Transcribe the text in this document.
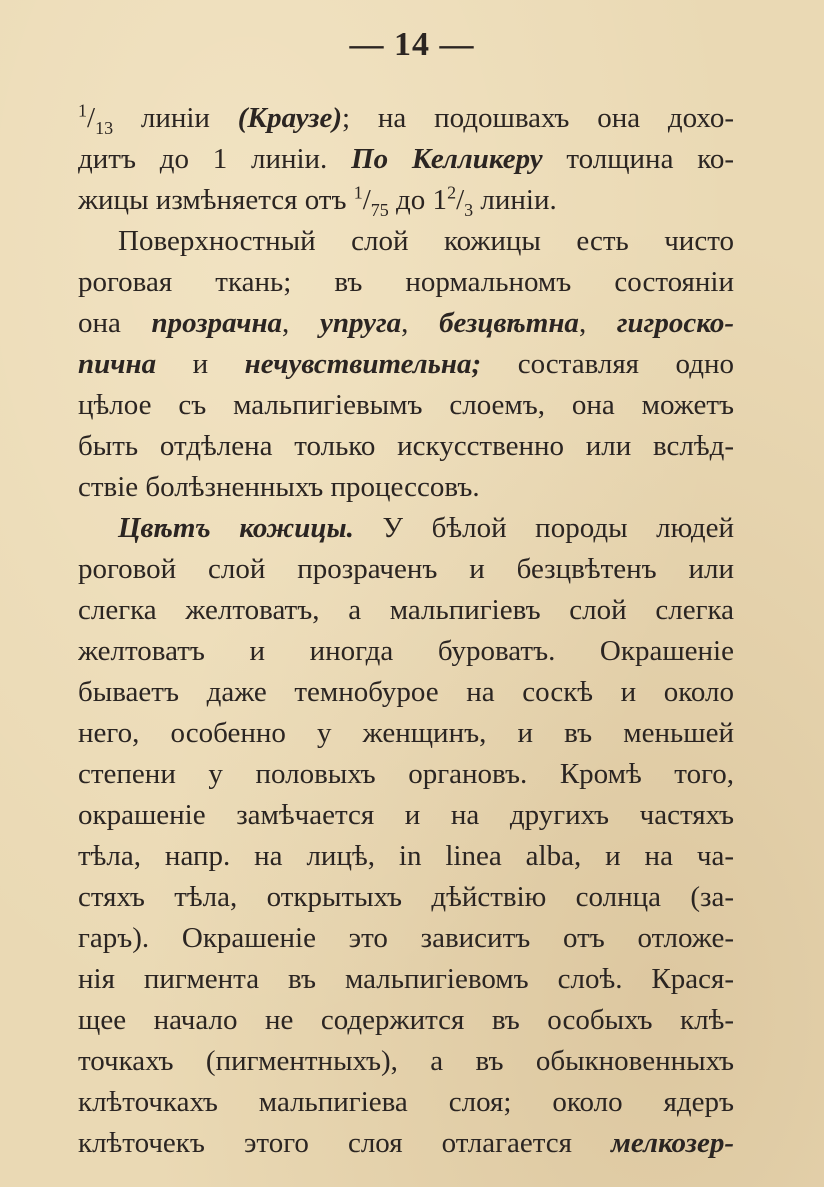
— 14 —
$^1/_{13}$ линіи (Краузе); на подошвахъ она дохо-
дитъ до 1 линіи. По Келликеру толщина ко-
жицы измѣняется отъ $^1/_{75}$ до $1^2/_3$ линіи.
Поверхностный слой кожицы есть чисто
роговая ткань; въ нормальномъ состояніи
она прозрачна, упруга, безцвѣтна, гигроско-
пична и нечувствительна; составляя одно
цѣлое съ мальпигіевымъ слоемъ, она можетъ
быть отдѣлена только искусственно или вслѣд-
ствіе болѣзненныхъ процессовъ.
Цвѣтъ кожицы. У бѣлой породы людей
роговой слой прозраченъ и безцвѣтенъ или
слегка желтоватъ, а мальпигіевъ слой слегка
желтоватъ и иногда буроватъ. Окрашеніе
бываетъ даже темнобурое на соскѣ и около
него, особенно у женщинъ, и въ меньшей
степени у половыхъ органовъ. Кромѣ того,
окрашеніе замѣчается и на другихъ частяхъ
тѣла, напр. на лицѣ, in linea alba, и на ча-
стяхъ тѣла, открытыхъ дѣйствію солнца (за-
гаръ). Окрашеніе это зависитъ отъ отложе-
нія пигмента въ мальпигіевомъ слоѣ. Крася-
щее начало не содержится въ особыхъ клѣ-
точкахъ (пигментныхъ), а въ обыкновенныхъ
клѣточкахъ мальпигіева слоя; около ядеръ
клѣточекъ этого слоя отлагается мелкозер-
